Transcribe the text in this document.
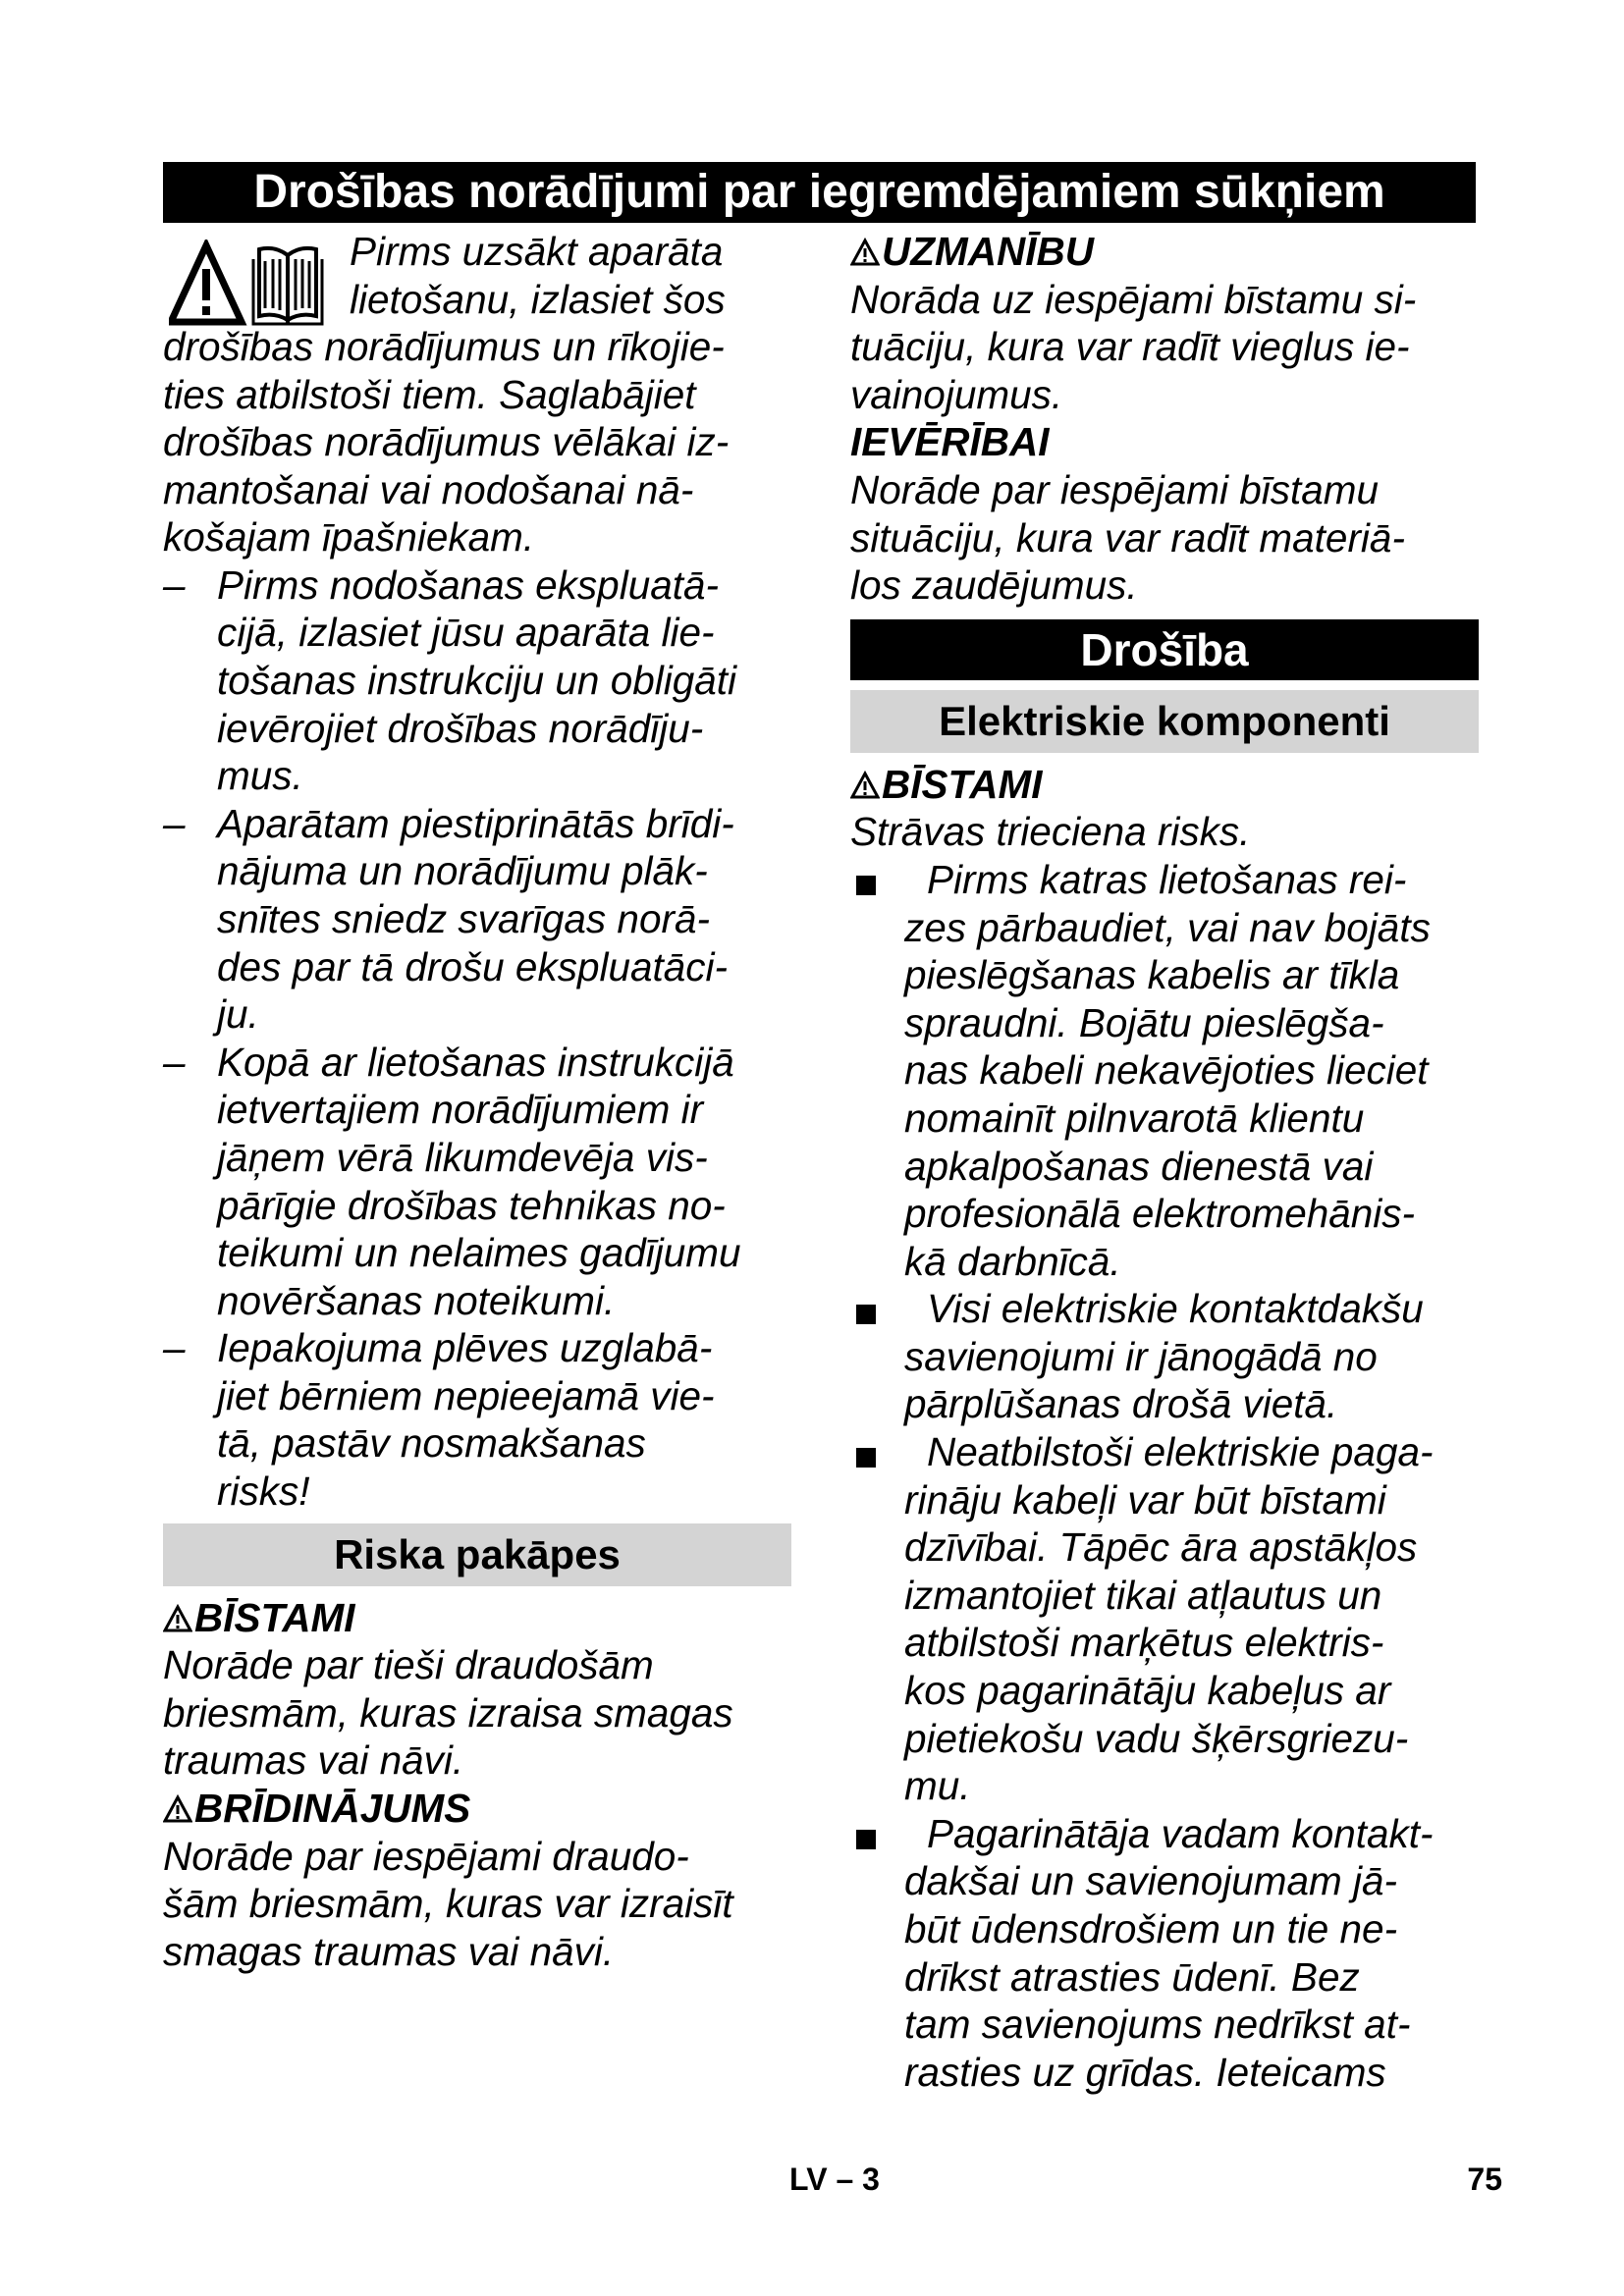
Drošības norādījumi par iegremdējamiem sūkņiem
Pirms uzsākt aparāta
lietošanu, izlasiet šos
drošības norādījumus un rīkojie-
ties atbilstoši tiem. Saglabājiet
drošības norādījumus vēlākai iz-
mantošanai vai nodošanai nā-
košajam īpašniekam.
– Pirms nodošanas ekspluatā-
cijā, izlasiet jūsu aparāta lie-
tošanas instrukciju un obligāti
ievērojiet drošības norādīju-
mus.
– Aparātam piestiprinātās brīdi-
nājuma un norādījumu plāk-
snītes sniedz svarīgas norā-
des par tā drošu ekspluatāci-
ju.
– Kopā ar lietošanas instrukcijā
ietvertajiem norādījumiem ir
jāņem vērā likumdevēja vis-
pārīgie drošības tehnikas no-
teikumi un nelaimes gadījumu
novēršanas noteikumi.
– Iepakojuma plēves uzglabā-
jiet bērniem nepieejamā vie-
tā, pastāv nosmakšanas
risks!
Riska pakāpes
BĪSTAMI
Norāde par tieši draudošām
briesmām, kuras izraisa smagas
traumas vai nāvi.
BRĪDINĀJUMS
Norāde par iespējami draudo-
šām briesmām, kuras var izraisīt
smagas traumas vai nāvi.
UZMANĪBU
Norāda uz iespējami bīstamu si-
tuāciju, kura var radīt vieglus ie-
vainojumus.
IEVĒRĪBAI
Norāde par iespējami bīstamu
situāciju, kura var radīt materiā-
los zaudējumus.
Drošība
Elektriskie komponenti
BĪSTAMI
Strāvas trieciena risks.
Pirms katras lietošanas rei-
zes pārbaudiet, vai nav bojāts
pieslēgšanas kabelis ar tīkla
spraudni. Bojātu pieslēgša-
nas kabeli nekavējoties lieciet
nomainīt pilnvarotā klientu
apkalpošanas dienestā vai
profesionālā elektromehānis-
kā darbnīcā.
Visi elektriskie kontaktdakšu
savienojumi ir jānogādā no
pārplūšanas drošā vietā.
Neatbilstoši elektriskie paga-
rināju kabeļi var būt bīstami
dzīvībai. Tāpēc āra apstākļos
izmantojiet tikai atļautus un
atbilstoši marķētus elektris-
kos pagarinātāju kabeļus ar
pietiekošu vadu šķērsgriezu-
mu.
Pagarinātāja vadam kontakt-
dakšai un savienojumam jā-
būt ūdensdrošiem un tie ne-
drīkst atrasties ūdenī. Bez
tam savienojums nedrīkst at-
rasties uz grīdas. Ieteicams
LV – 3	75
